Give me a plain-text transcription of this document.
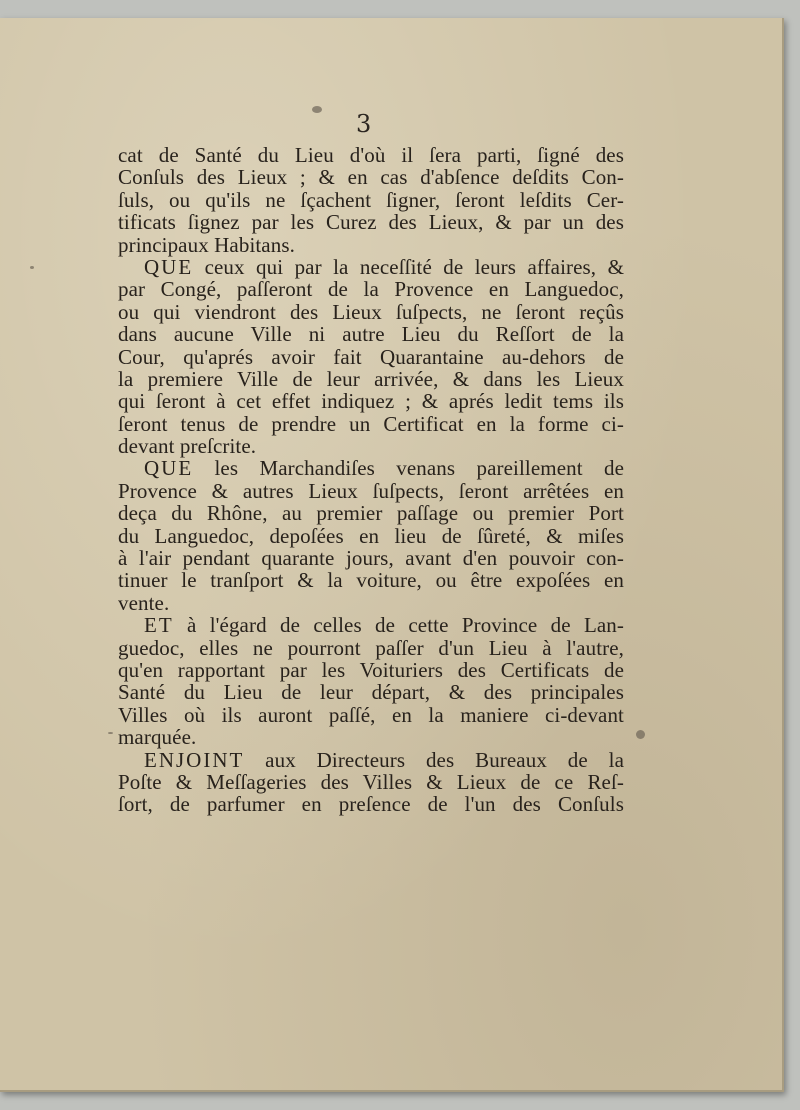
3
cat de Santé du Lieu d'où il ſera parti, ſigné des
Conſuls des Lieux ; & en cas d'abſence deſdits Con-
ſuls, ou qu'ils ne ſçachent ſigner, ſeront leſdits Cer-
tificats ſignez par les Curez des Lieux, & par un des
principaux Habitans.
QUE ceux qui par la neceſſité de leurs affaires, &
par Congé, paſſeront de la Provence en Languedoc,
ou qui viendront des Lieux ſuſpects, ne ſeront reçûs
dans aucune Ville ni autre Lieu du Reſſort de la
Cour, qu'aprés avoir fait Quarantaine au-dehors de
la premiere Ville de leur arrivée, & dans les Lieux
qui ſeront à cet effet indiquez ; & aprés ledit tems ils
ſeront tenus de prendre un Certificat en la forme ci-
devant preſcrite.
QUE les Marchandiſes venans pareillement de
Provence & autres Lieux ſuſpects, ſeront arrêtées en
deça du Rhône, au premier paſſage ou premier Port
du Languedoc, depoſées en lieu de ſûreté, & miſes
à l'air pendant quarante jours, avant d'en pouvoir con-
tinuer le tranſport & la voiture, ou être expoſées en
vente.
ET à l'égard de celles de cette Province de Lan-
guedoc, elles ne pourront paſſer d'un Lieu à l'autre,
qu'en rapportant par les Voituriers des Certificats de
Santé du Lieu de leur départ, & des principales
Villes où ils auront paſſé, en la maniere ci-devant
marquée.
ENJOINT aux Directeurs des Bureaux de la
Poſte & Meſſageries des Villes & Lieux de ce Reſ-
ſort, de parfumer en preſence de l'un des Conſuls
